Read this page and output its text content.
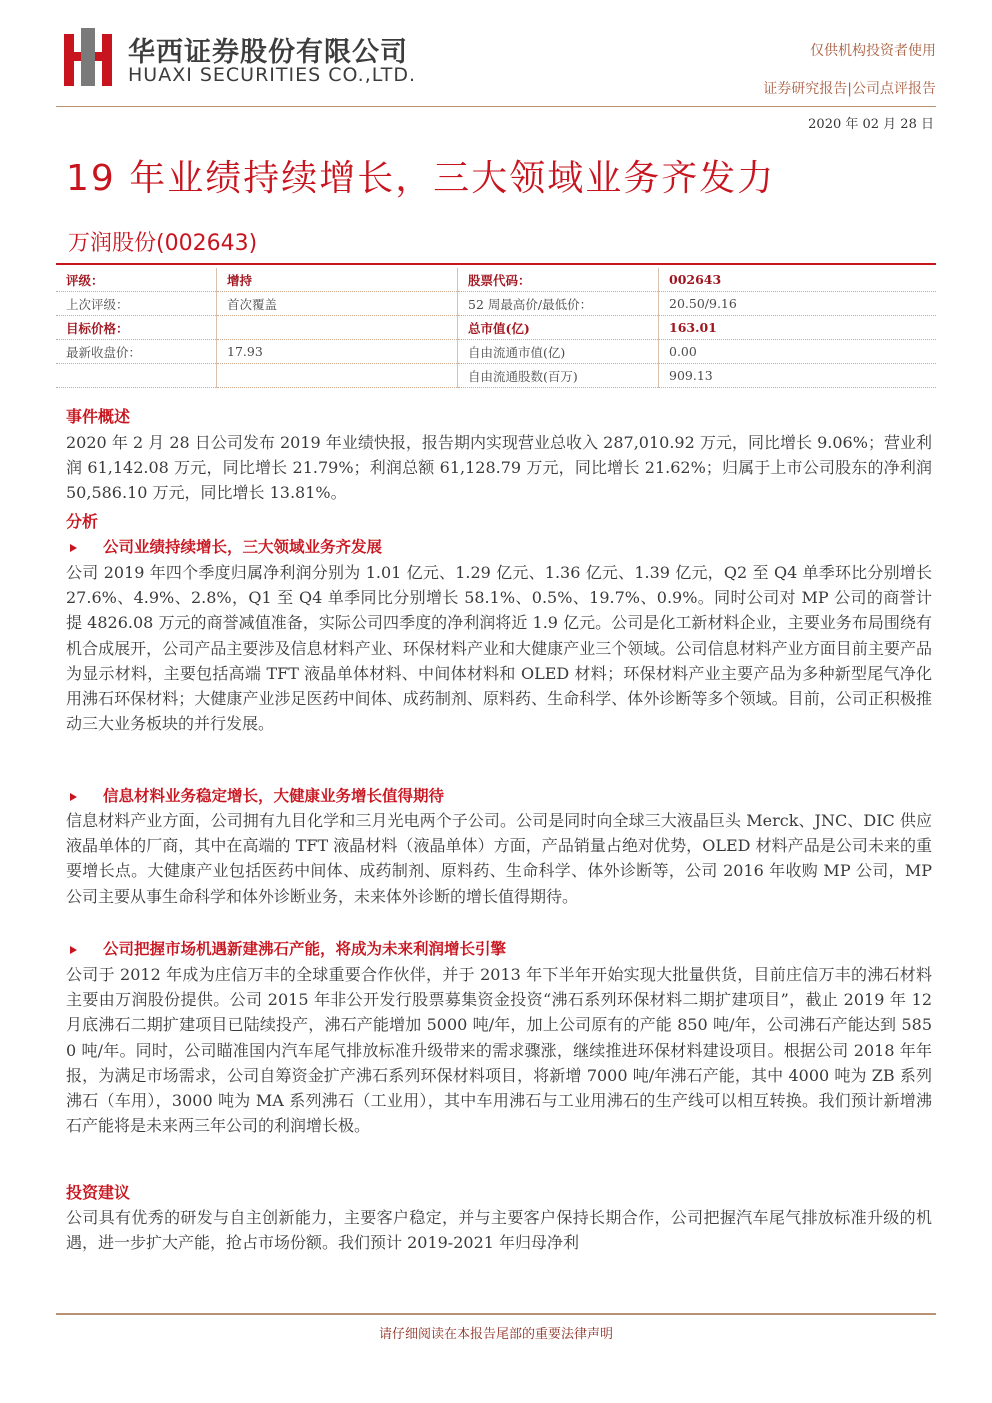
华西证券股份有限公司
HUAXI SECURITIES CO.,LTD.
仅供机构投资者使用
证券研究报告|公司点评报告
2020 年 02 月 28 日
19 年业绩持续增长，三大领域业务齐发力
万润股份(002643)
评级：	增持	股票代码：	002643
上次评级：	首次覆盖	52 周最高价/最低价：	20.50/9.16
目标价格：		总市值(亿)	163.01
最新收盘价：	17.93	自由流通市值(亿)	0.00
		自由流通股数(百万)	909.13
事件概述
2020 年 2 月 28 日公司发布 2019 年业绩快报，报告期内实现营业总收入 287,010.92 万元，同比增长 9.06%；营业利润 61,142.08 万元，同比增长 21.79%；利润总额 61,128.79 万元，同比增长 21.62%；归属于上市公司股东的净利润 50,586.10 万元，同比增长 13.81%。
分析
公司业绩持续增长，三大领域业务齐发展
公司 2019 年四个季度归属净利润分别为 1.01 亿元、1.29 亿元、1.36 亿元、1.39 亿元，Q2 至 Q4 单季环比分别增长 27.6%、4.9%、2.8%，Q1 至 Q4 单季同比分别增长 58.1%、0.5%、19.7%、0.9%。同时公司对 MP 公司的商誉计提 4826.08 万元的商誉减值准备，实际公司四季度的净利润将近 1.9 亿元。公司是化工新材料企业，主要业务布局围绕有机合成展开，公司产品主要涉及信息材料产业、环保材料产业和大健康产业三个领域。公司信息材料产业方面目前主要产品为显示材料，主要包括高端 TFT 液晶单体材料、中间体材料和 OLED 材料；环保材料产业主要产品为多种新型尾气净化用沸石环保材料；大健康产业涉足医药中间体、成药制剂、原料药、生命科学、体外诊断等多个领域。目前，公司正积极推动三大业务板块的并行发展。
信息材料业务稳定增长，大健康业务增长值得期待
信息材料产业方面，公司拥有九目化学和三月光电两个子公司。公司是同时向全球三大液晶巨头 Merck、JNC、DIC 供应液晶单体的厂商，其中在高端的 TFT 液晶材料（液晶单体）方面，产品销量占绝对优势，OLED 材料产品是公司未来的重要增长点。大健康产业包括医药中间体、成药制剂、原料药、生命科学、体外诊断等，公司 2016 年收购 MP 公司，MP 公司主要从事生命科学和体外诊断业务，未来体外诊断的增长值得期待。
公司把握市场机遇新建沸石产能，将成为未来利润增长引擎
公司于 2012 年成为庄信万丰的全球重要合作伙伴，并于 2013 年下半年开始实现大批量供货，目前庄信万丰的沸石材料主要由万润股份提供。公司 2015 年非公开发行股票募集资金投资“沸石系列环保材料二期扩建项目”，截止 2019 年 12 月底沸石二期扩建项目已陆续投产，沸石产能增加 5000 吨/年，加上公司原有的产能 850 吨/年，公司沸石产能达到 5850 吨/年。同时，公司瞄准国内汽车尾气排放标准升级带来的需求骤涨，继续推进环保材料建设项目。根据公司 2018 年年报，为满足市场需求，公司自筹资金扩产沸石系列环保材料项目，将新增 7000 吨/年沸石产能，其中 4000 吨为 ZB 系列沸石（车用），3000 吨为 MA 系列沸石（工业用），其中车用沸石与工业用沸石的生产线可以相互转换。我们预计新增沸石产能将是未来两三年公司的利润增长极。
投资建议
公司具有优秀的研发与自主创新能力，主要客户稳定，并与主要客户保持长期合作，公司把握汽车尾气排放标准升级的机遇，进一步扩大产能，抢占市场份额。我们预计 2019-2021 年归母净利
请仔细阅读在本报告尾部的重要法律声明
